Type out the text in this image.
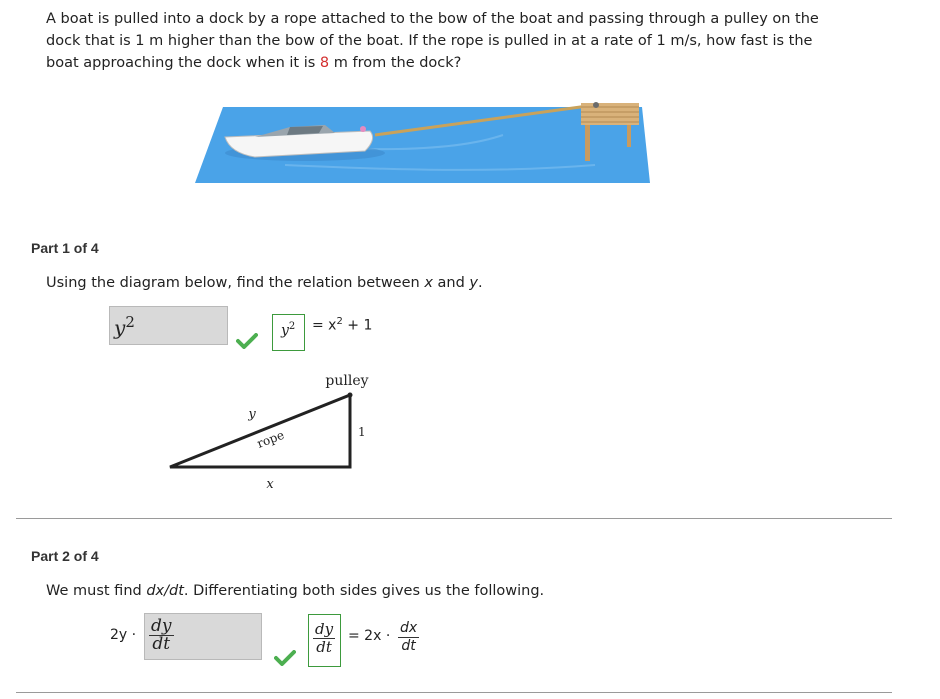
A boat is pulled into a dock by a rope attached to the bow of the boat and passing through a pulley on the dock that is 1 m higher than the bow of the boat. If the rope is pulled in at a rate of 1 m/s, how fast is the boat approaching the dock when it is 8 m from the dock?
Part 1 of 4
Using the diagram below, find the relation between x and y.
$y^2$	$y^2 = x^2 + 1$
pulley
y
rope	1
x
Part 2 of 4
We must find dx/dt. Differentiating both sides gives us the following.
$2y \cdot \frac{dy}{dt}$	$\frac{dy}{dt} = 2x \cdot \frac{dx}{dt}$
